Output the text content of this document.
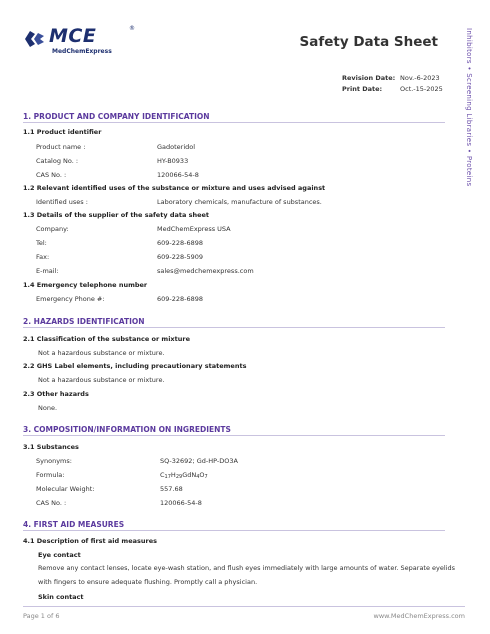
MCE
MedChemExpress
®
Safety Data Sheet
Revision Date: Nov.-6-2023
Print Date:	Oct.-15-2025	Inhibitors • Screening Libraries • Proteins
1. PRODUCT AND COMPANY IDENTIFICATION
1.1 Product identifier
Product name :	Gadoteridol
Catalog No. :	HY-B0933
CAS No. :	120066-54-8
1.2 Relevant identified uses of the substance or mixture and uses advised against
Identified uses :	Laboratory chemicals, manufacture of substances.
1.3 Details of the supplier of the safety data sheet
Company:	MedChemExpress USA
Tel:	609-228-6898
Fax:	609-228-5909
E-mail:	sales@medchemexpress.com
1.4 Emergency telephone number
Emergency Phone #:	609-228-6898
2. HAZARDS IDENTIFICATION
2.1 Classification of the substance or mixture
Not a hazardous substance or mixture.
2.2 GHS Label elements, including precautionary statements
Not a hazardous substance or mixture.
2.3 Other hazards
None.
3. COMPOSITION/INFORMATION ON INGREDIENTS
3.1 Substances
Synonyms:	SQ-32692; Gd-HP-DO3A
Formula:	$C_{17}H_{29}GdN_4O_7$
Molecular Weight:	557.68
CAS No. :	120066-54-8
4. FIRST AID MEASURES
4.1 Description of first aid measures
Eye contact
Remove any contact lenses, locate eye-wash station, and flush eyes immediately with large amounts of water. Separate eyelids with fingers to ensure adequate flushing. Promptly call a physician.
Skin contact
Page 1 of 6	www.MedChemExpress.com
